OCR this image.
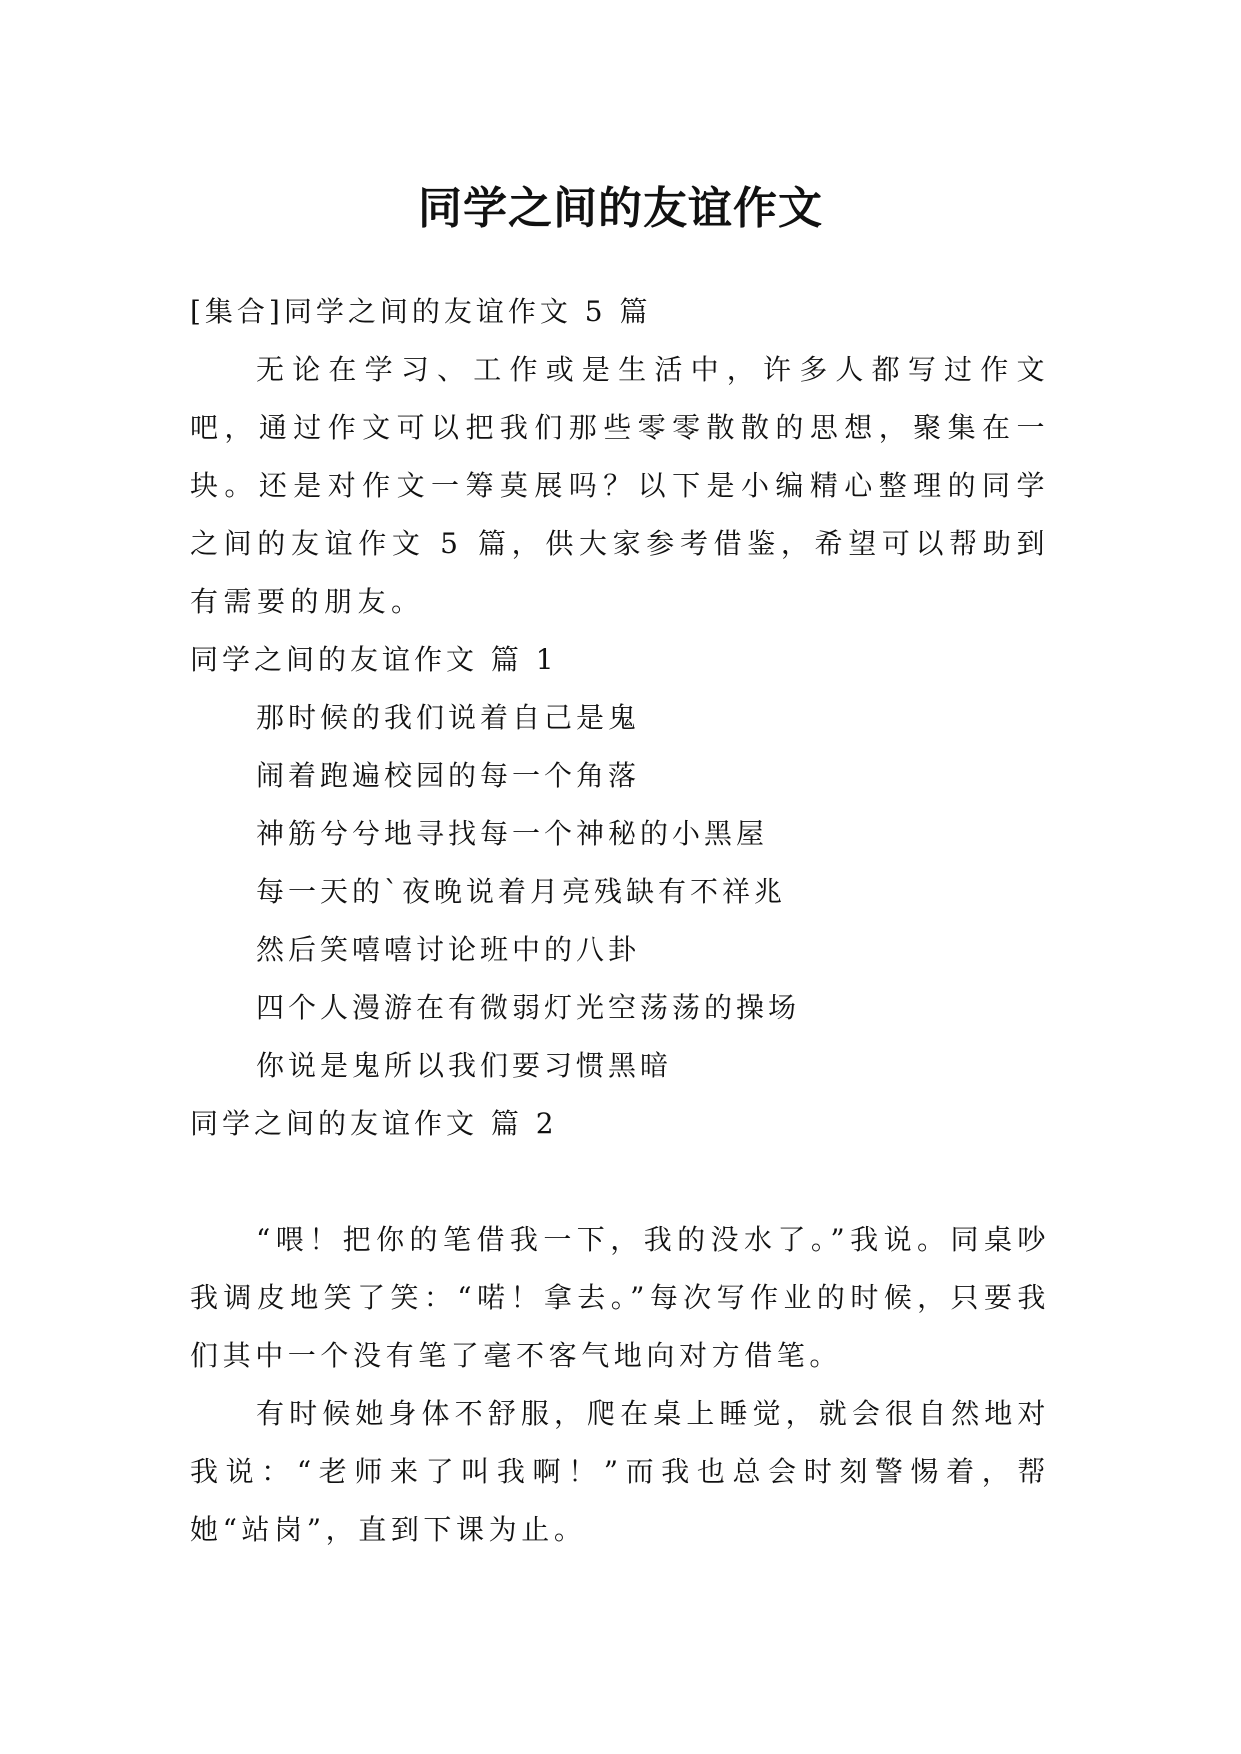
同学之间的友谊作文

[集合]同学之间的友谊作文 5 篇

无论在学习、工作或是生活中，许多人都写过作文吧，通过作文可以把我们那些零零散散的思想，聚集在一块。还是对作文一筹莫展吗？以下是小编精心整理的同学之间的友谊作文 5 篇，供大家参考借鉴，希望可以帮助到有需要的朋友。

同学之间的友谊作文 篇 1

那时候的我们说着自己是鬼

闹着跑遍校园的每一个角落

神筋兮兮地寻找每一个神秘的小黑屋

每一天的`夜晚说着月亮残缺有不祥兆

然后笑嘻嘻讨论班中的八卦

四个人漫游在有微弱灯光空荡荡的操场

你说是鬼所以我们要习惯黑暗

同学之间的友谊作文 篇 2

“喂！把你的笔借我一下，我的没水了。”我说。同桌吵我调皮地笑了笑：“喏！拿去。”每次写作业的时候，只要我们其中一个没有笔了毫不客气地向对方借笔。

有时候她身体不舒服，爬在桌上睡觉，就会很自然地对我说：“老师来了叫我啊！”而我也总会时刻警惕着，帮她“站岗”，直到下课为止。
